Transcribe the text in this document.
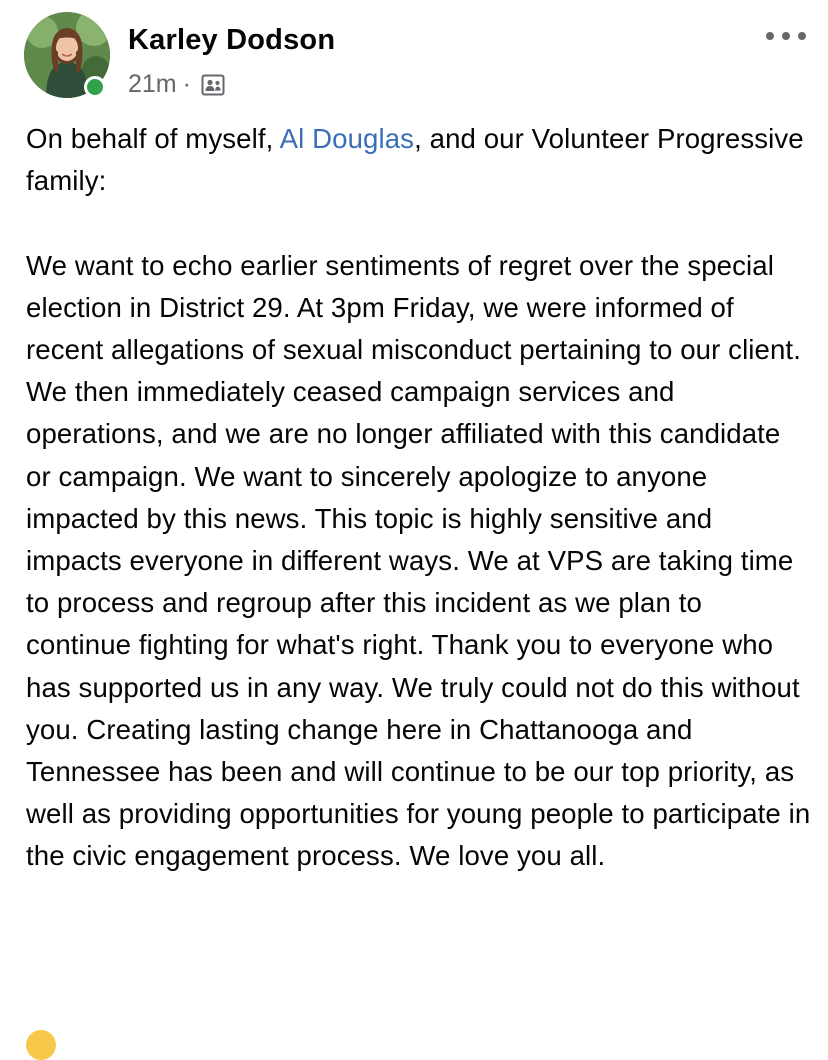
Karley Dodson
21m ·

On behalf of myself, Al Douglas, and our Volunteer Progressive family:

We want to echo earlier sentiments of regret over the special election in District 29. At 3pm Friday, we were informed of recent allegations of sexual misconduct pertaining to our client. We then immediately ceased campaign services and operations, and we are no longer affiliated with this candidate or campaign. We want to sincerely apologize to anyone impacted by this news. This topic is highly sensitive and impacts everyone in different ways. We at VPS are taking time to process and regroup after this incident as we plan to continue fighting for what's right. Thank you to everyone who has supported us in any way. We truly could not do this without you. Creating lasting change here in Chattanooga and Tennessee has been and will continue to be our top priority, as well as providing opportunities for young people to participate in the civic engagement process. We love you all.
